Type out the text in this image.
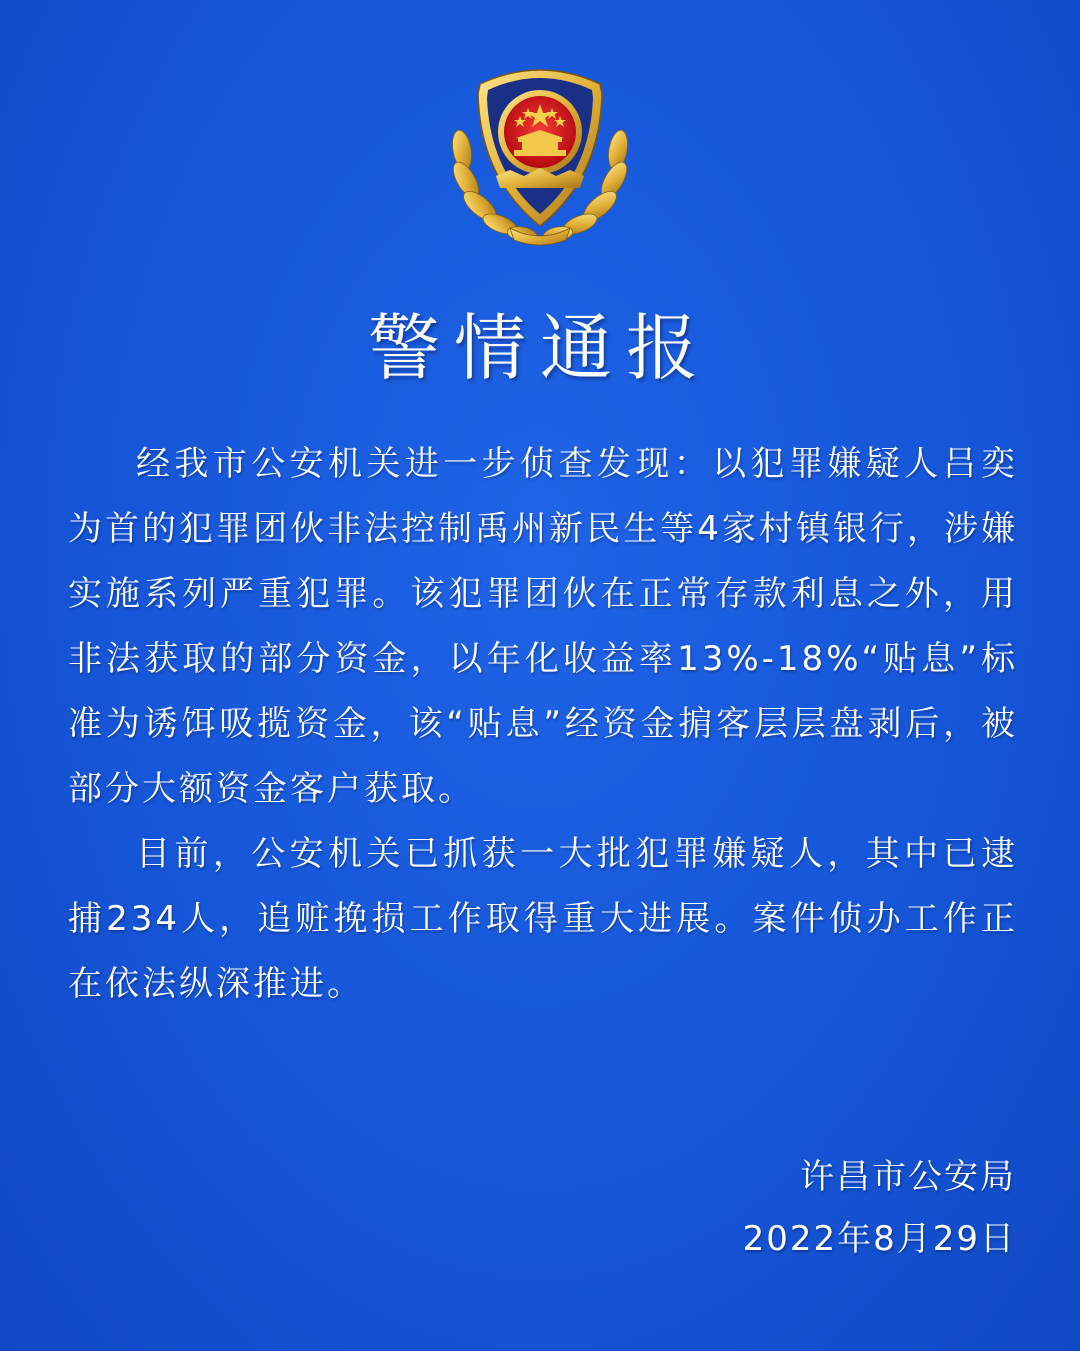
警情通报

经我市公安机关进一步侦查发现：以犯罪嫌疑人吕奕为首的犯罪团伙非法控制禹州新民生等4家村镇银行，涉嫌实施系列严重犯罪。该犯罪团伙在正常存款利息之外，用非法获取的部分资金，以年化收益率13%-18%“贴息”标准为诱饵吸揽资金，该“贴息”经资金掮客层层盘剥后，被部分大额资金客户获取。

目前，公安机关已抓获一大批犯罪嫌疑人，其中已逮捕234人，追赃挽损工作取得重大进展。案件侦办工作正在依法纵深推进。

许昌市公安局
2022年8月29日
